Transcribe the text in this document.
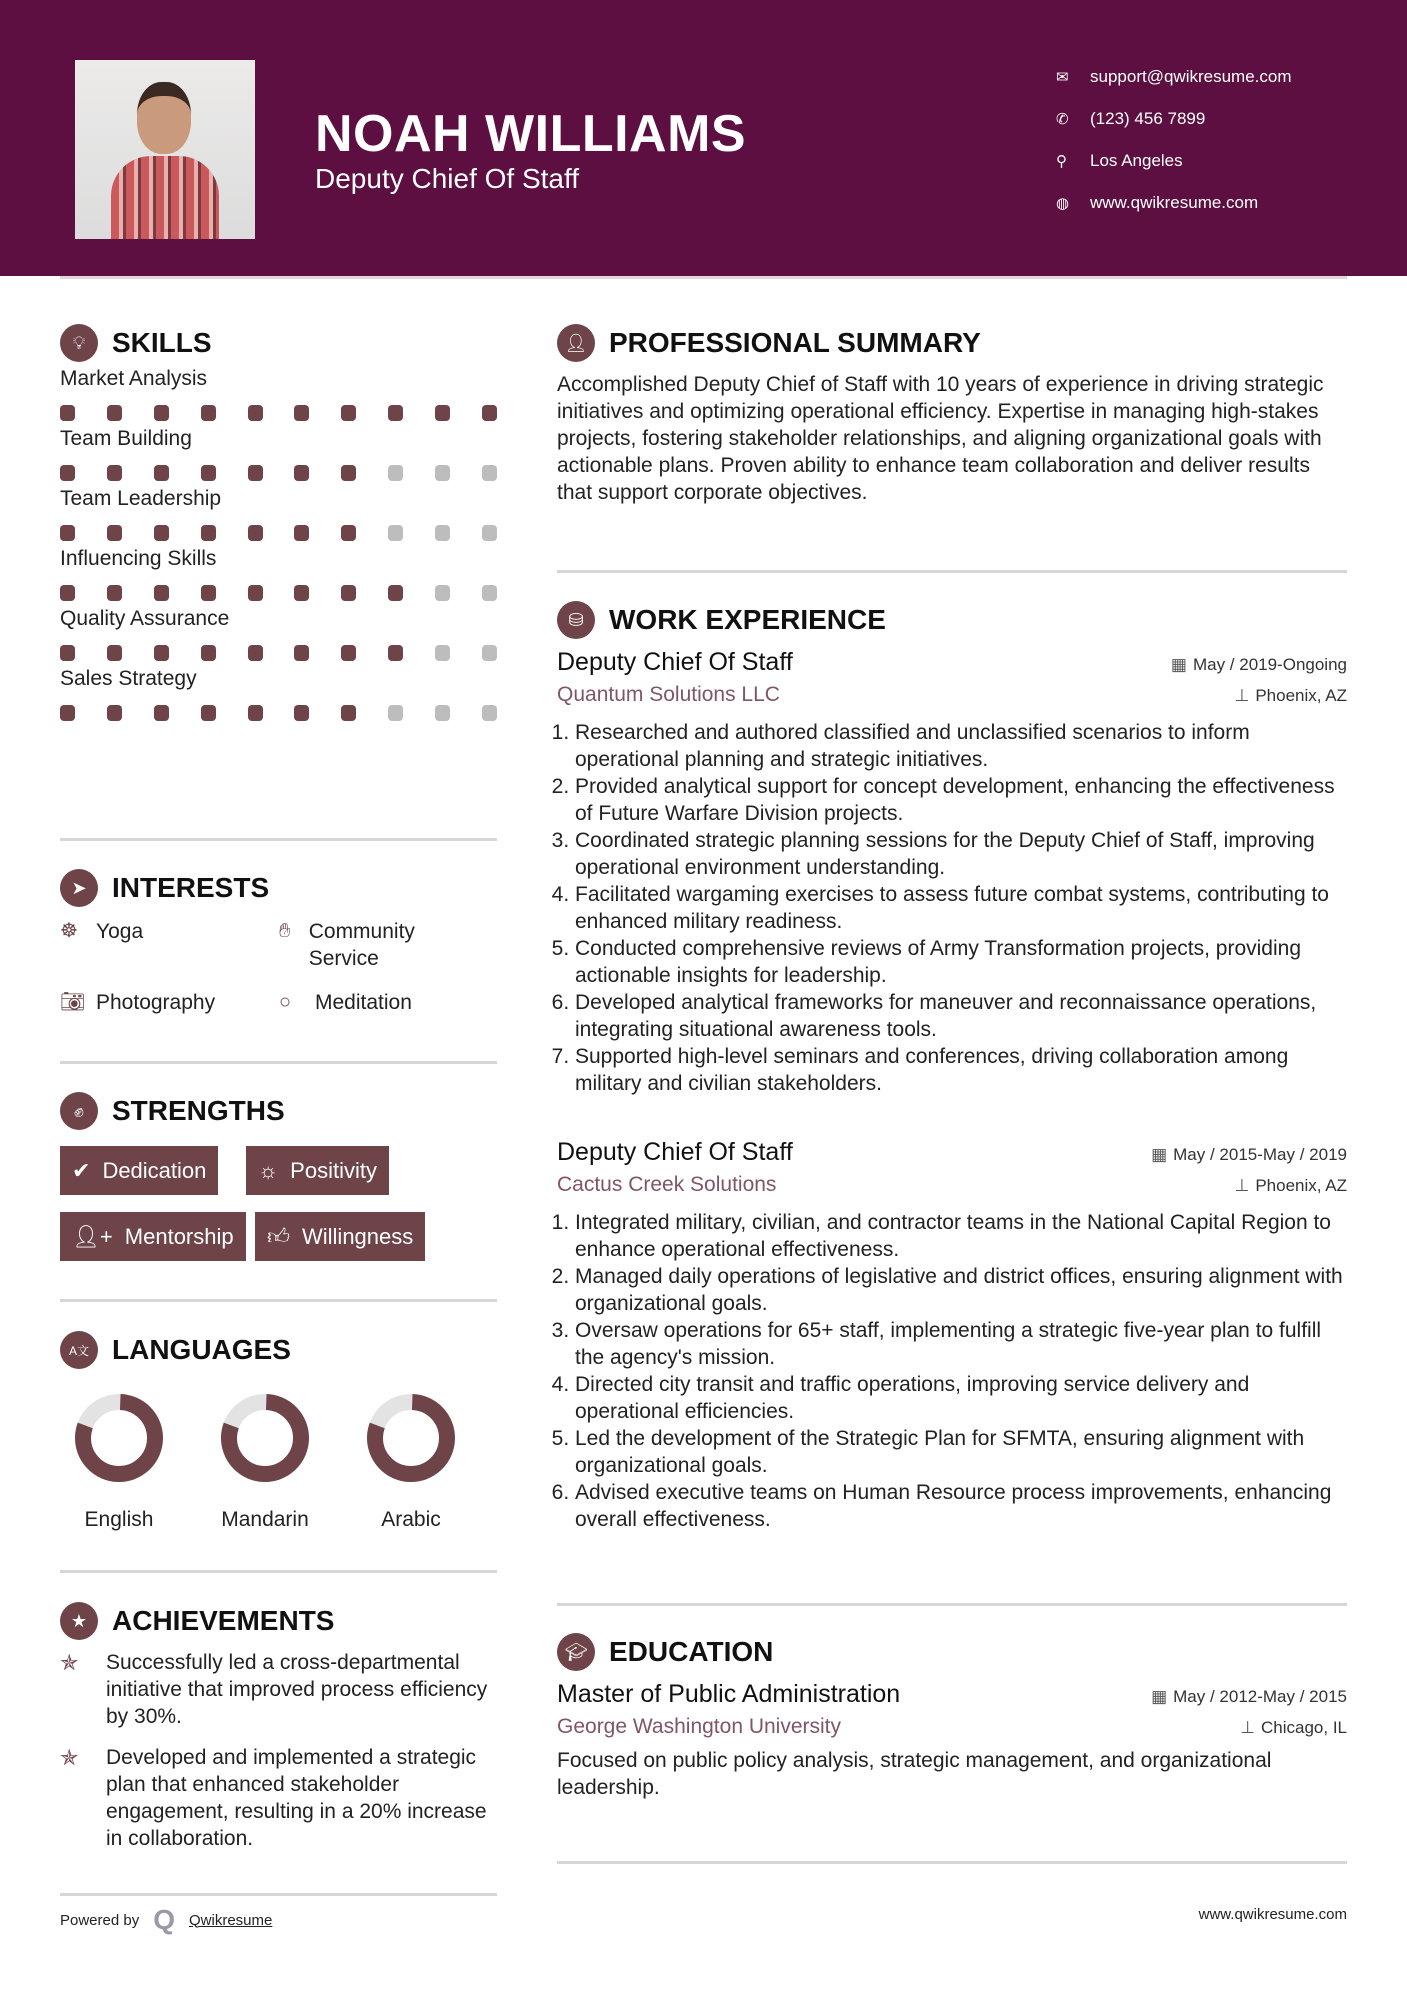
NOAH WILLIAMS
Deputy Chief Of Staff
✉	support@qwikresume.com
✆	(123) 456 7899
⚲	Los Angeles
◍	www.qwikresume.com
💡︎ SKILLS
Market Analysis
Team Building
Team Leadership
Influencing Skills
Quality Assurance
Sales Strategy
➤ INTERESTS
☸ Yoga	✋︎ Community Service
📷︎ Photography	○	Meditation
✊︎	STRENGTHS
✔ Dedication ☼ Positivity
👤︎+ Mentorship 👍︎ Willingness
A文 LANGUAGES
English	Mandarin	Arabic
★ ACHIEVEMENTS
✯	Successfully led a cross-departmental initiative that improved process efficiency by 30%.
✯	Developed and implemented a strategic plan that enhanced stakeholder engagement, resulting in a 20% increase in collaboration.
Powered by Q Qwikresume	www.qwikresume.com
👤︎ PROFESSIONAL SUMMARY

Accomplished Deputy Chief of Staff with 10 years of experience in driving strategic initiatives and optimizing operational efficiency. Expertise in managing high-stakes projects, fostering stakeholder relationships, and aligning organizational goals with actionable plans. Proven ability to enhance team collaboration and deliver results that support corporate objectives.

⛁ WORK EXPERIENCE
Deputy Chief Of Staff	▦ May / 2019-Ongoing
Quantum Solutions LLC	⊥ Phoenix, AZ
1. Researched and authored classified and unclassified scenarios to inform operational planning and strategic initiatives.
2. Provided analytical support for concept development, enhancing the effectiveness of Future Warfare Division projects.
3. Coordinated strategic planning sessions for the Deputy Chief of Staff, improving operational environment understanding.
4. Facilitated wargaming exercises to assess future combat systems, contributing to enhanced military readiness.
5. Conducted comprehensive reviews of Army Transformation projects, providing actionable insights for leadership.
6. Developed analytical frameworks for maneuver and reconnaissance operations, integrating situational awareness tools.
7. Supported high-level seminars and conferences, driving collaboration among military and civilian stakeholders.
Deputy Chief Of Staff	▦ May / 2015-May / 2019
Cactus Creek Solutions	⊥ Phoenix, AZ
1. Integrated military, civilian, and contractor teams in the National Capital Region to enhance operational effectiveness.
2. Managed daily operations of legislative and district offices, ensuring alignment with organizational goals.
3. Oversaw operations for 65+ staff, implementing a strategic five-year plan to fulfill the agency's mission.
4. Directed city transit and traffic operations, improving service delivery and operational efficiencies.
5. Led the development of the Strategic Plan for SFMTA, ensuring alignment with organizational goals.
6. Advised executive teams on Human Resource process improvements, enhancing overall effectiveness.
🎓︎ EDUCATION
Master of Public Administration	▦ May / 2012-May / 2015
George Washington University	⊥ Chicago, IL

Focused on public policy analysis, strategic management, and organizational leadership.
